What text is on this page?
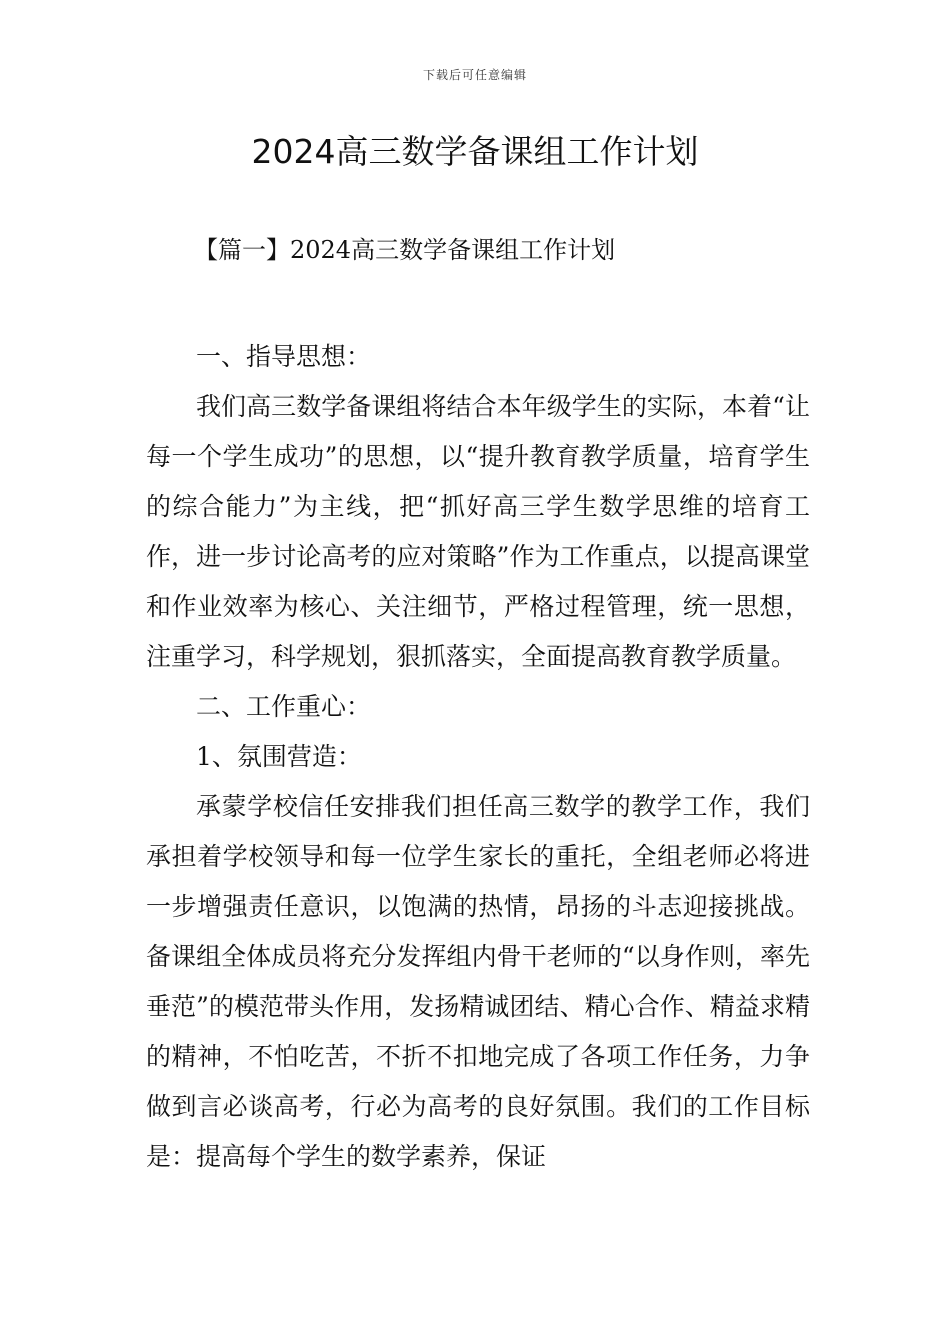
下载后可任意编辑
2024高三数学备课组工作计划
【篇一】2024高三数学备课组工作计划

一、指导思想：

我们高三数学备课组将结合本年级学生的实际，本着“让每一个学生成功”的思想，以“提升教育教学质量，培育学生的综合能力”为主线，把“抓好高三学生数学思维的培育工作，进一步讨论高考的应对策略”作为工作重点，以提高课堂和作业效率为核心、关注细节，严格过程管理，统一思想，注重学习，科学规划，狠抓落实，全面提高教育教学质量。

二、工作重心：

1、氛围营造：

承蒙学校信任安排我们担任高三数学的教学工作，我们承担着学校领导和每一位学生家长的重托，全组老师必将进一步增强责任意识，以饱满的热情，昂扬的斗志迎接挑战。备课组全体成员将充分发挥组内骨干老师的“以身作则，率先垂范”的模范带头作用，发扬精诚团结、精心合作、精益求精的精神，不怕吃苦，不折不扣地完成了各项工作任务，力争做到言必谈高考，行必为高考的良好氛围。我们的工作目标是：提高每个学生的数学素养，保证
